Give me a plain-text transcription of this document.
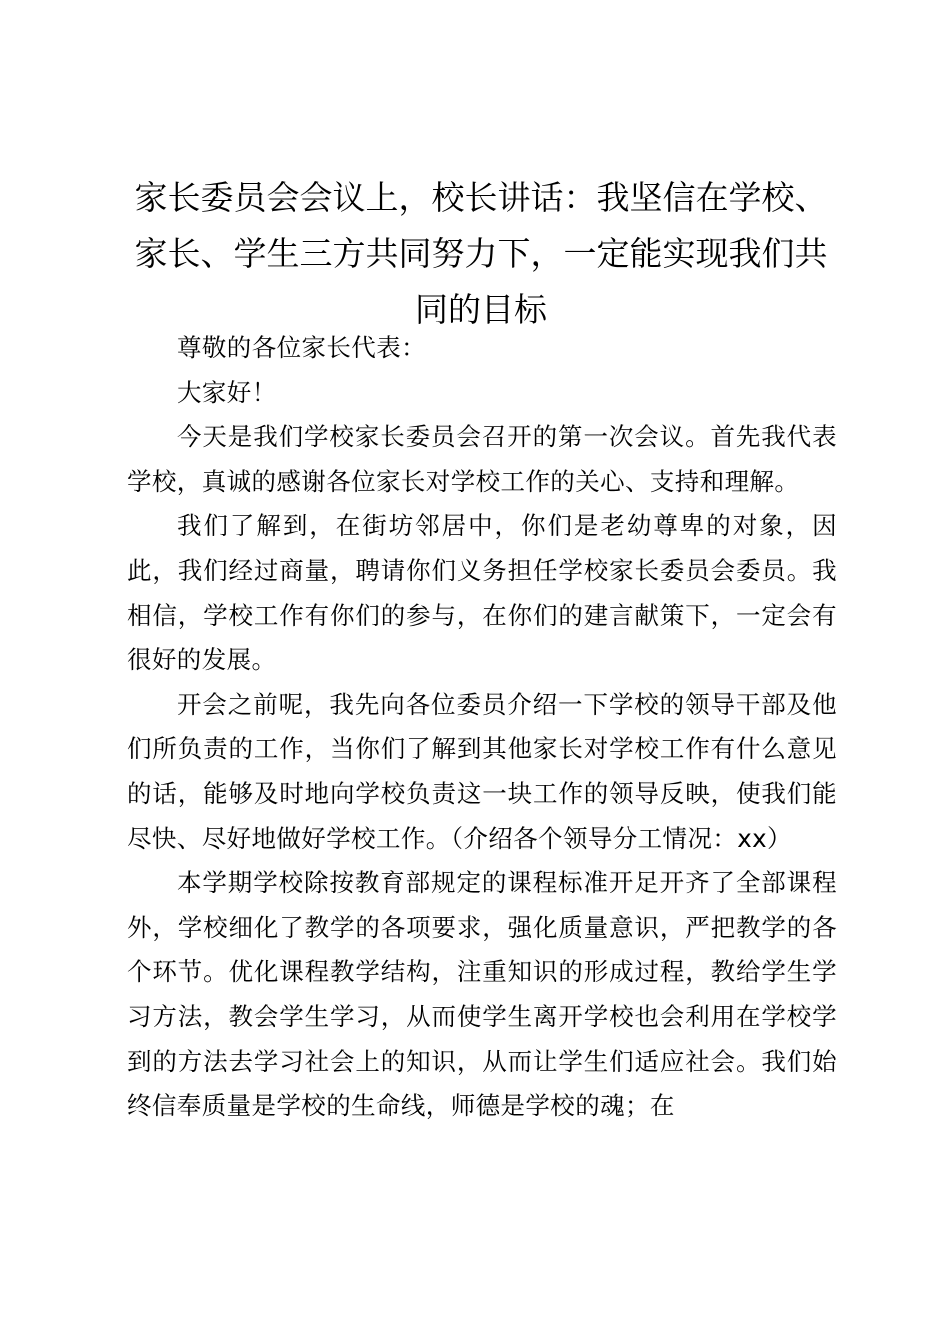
家长委员会会议上，校长讲话：我坚信在学校、家长、学生三方共同努力下，一定能实现我们共同的目标

尊敬的各位家长代表：

大家好！

今天是我们学校家长委员会召开的第一次会议。首先我代表学校，真诚的感谢各位家长对学校工作的关心、支持和理解。

我们了解到，在街坊邻居中，你们是老幼尊卑的对象，因此，我们经过商量，聘请你们义务担任学校家长委员会委员。我相信，学校工作有你们的参与，在你们的建言献策下，一定会有很好的发展。

开会之前呢，我先向各位委员介绍一下学校的领导干部及他们所负责的工作，当你们了解到其他家长对学校工作有什么意见的话，能够及时地向学校负责这一块工作的领导反映，使我们能尽快、尽好地做好学校工作。（介绍各个领导分工情况：xx）

本学期学校除按教育部规定的课程标准开足开齐了全部课程外，学校细化了教学的各项要求，强化质量意识，严把教学的各个环节。优化课程教学结构，注重知识的形成过程，教给学生学习方法，教会学生学习，从而使学生离开学校也会利用在学校学到的方法去学习社会上的知识，从而让学生们适应社会。我们始终信奉质量是学校的生命线，师德是学校的魂；在
